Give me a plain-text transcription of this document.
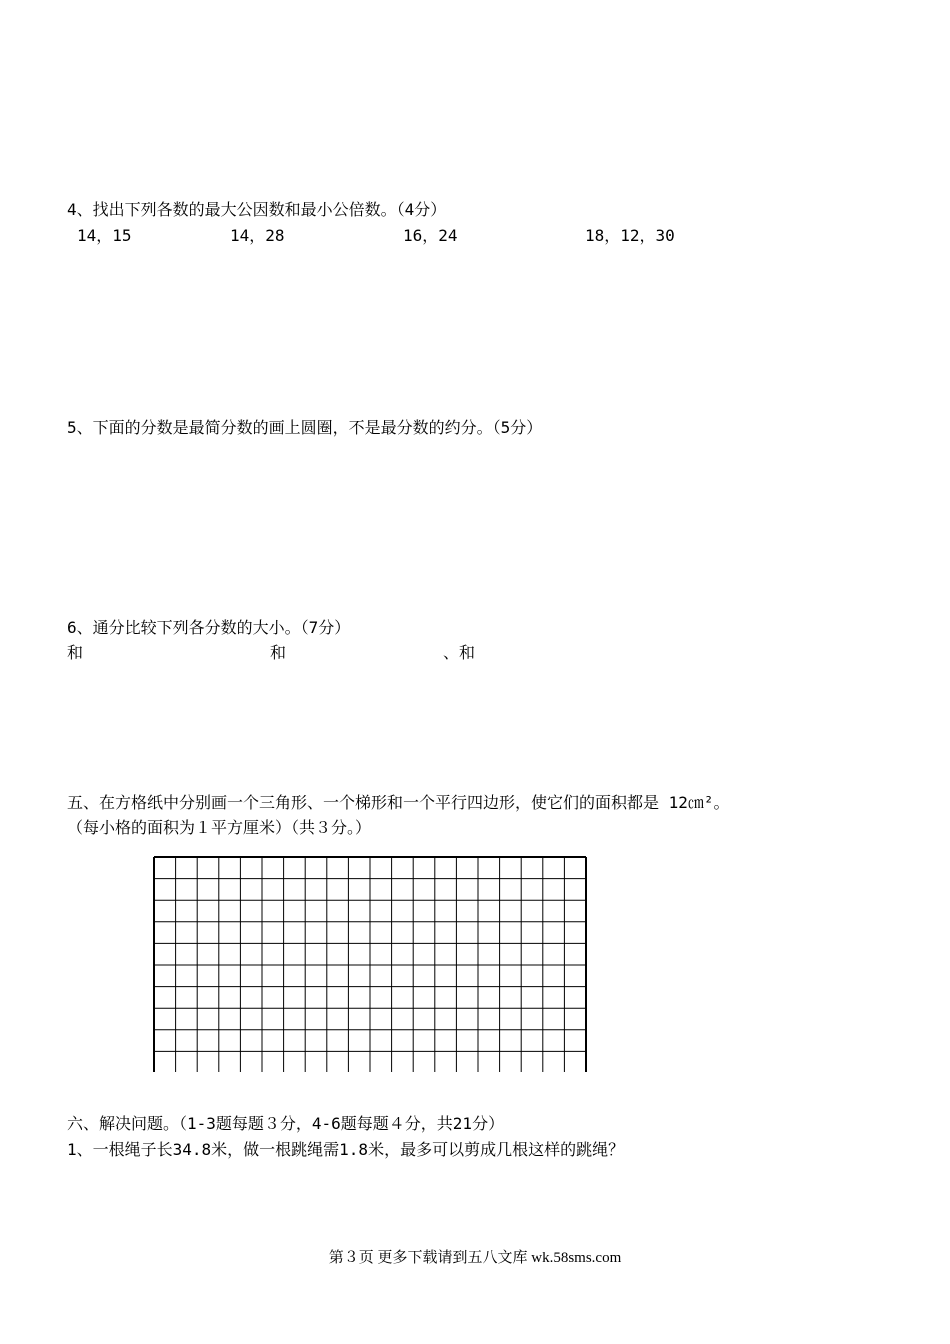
4、找出下列各数的最大公因数和最小公倍数。（4分）
14，15	14，28	16，24	18，12，30
5、下面的分数是最简分数的画上圆圈，不是最分数的约分。（5分）
6、通分比较下列各分数的大小。（7分）
和	和	、和
五、在方格纸中分别画一个三角形、一个梯形和一个平行四边形，使它们的面积都是 12㎝²。
（每小格的面积为１平方厘米）（共３分。）
六、解决问题。（1-3题每题３分，4-6题每题４分，共21分）
1、一根绳子长34.8米，做一根跳绳需1.8米，最多可以剪成几根这样的跳绳？
第３页 更多下载请到五八文库 wk.58sms.com
